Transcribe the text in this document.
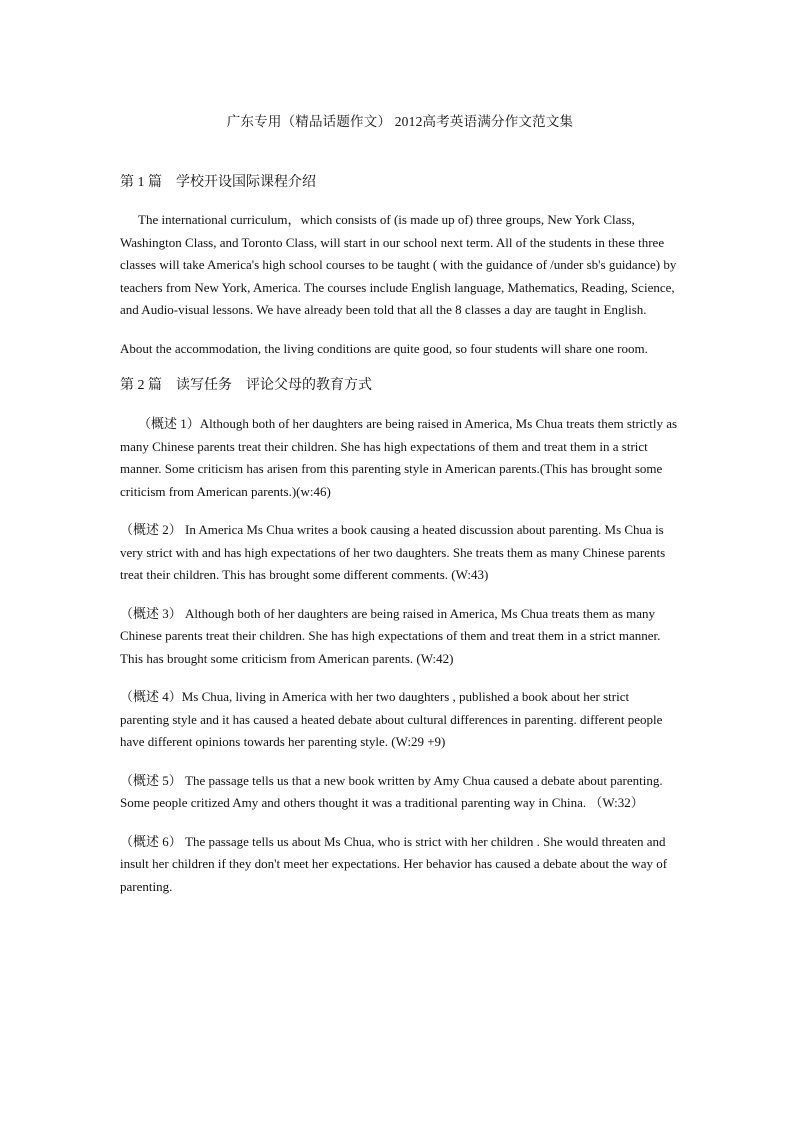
广东专用（精品话题作文） 2012高考英语满分作文范文集
第 1 篇　学校开设国际课程介绍

The international curriculum，which consists of (is made up of) three groups, New York Class, Washington Class, and Toronto Class, will start in our school next term. All of the students in these three classes will take America's high school courses to be taught ( with the guidance of /under sb's guidance) by teachers from New York, America. The courses include English language, Mathematics, Reading, Science, and Audio-visual lessons. We have already been told that all the 8 classes a day are taught in English.

About the accommodation, the living conditions are quite good, so four students will share one room.

第 2 篇　读写任务　评论父母的教育方式

（概述 1）Although both of her daughters are being raised in America, Ms Chua treats them strictly as many Chinese parents treat their children. She has high expectations of them and treat them in a strict manner. Some criticism has arisen from this parenting style in American parents.(This has brought some criticism from American parents.)(w:46)

（概述 2） In America Ms Chua writes a book causing a heated discussion about parenting. Ms Chua is very strict with and has high expectations of her two daughters. She treats them as many Chinese parents treat their children. This has brought some different comments. (W:43)

（概述 3） Although both of her daughters are being raised in America, Ms Chua treats them as many Chinese parents treat their children. She has high expectations of them and treat them in a strict manner. This has brought some criticism from American parents. (W:42)

（概述 4）Ms Chua, living in America with her two daughters , published a book about her strict parenting style and it has caused a heated debate about cultural differences in parenting. different people have different opinions towards her parenting style. (W:29 +9)

（概述 5） The passage tells us that a new book written by Amy Chua caused a debate about parenting. Some people critized Amy and others thought it was a traditional parenting way in China. （W:32）

（概述 6） The passage tells us about Ms Chua, who is strict with her children . She would threaten and insult her children if they don't meet her expectations. Her behavior has caused a debate about the way of parenting.
